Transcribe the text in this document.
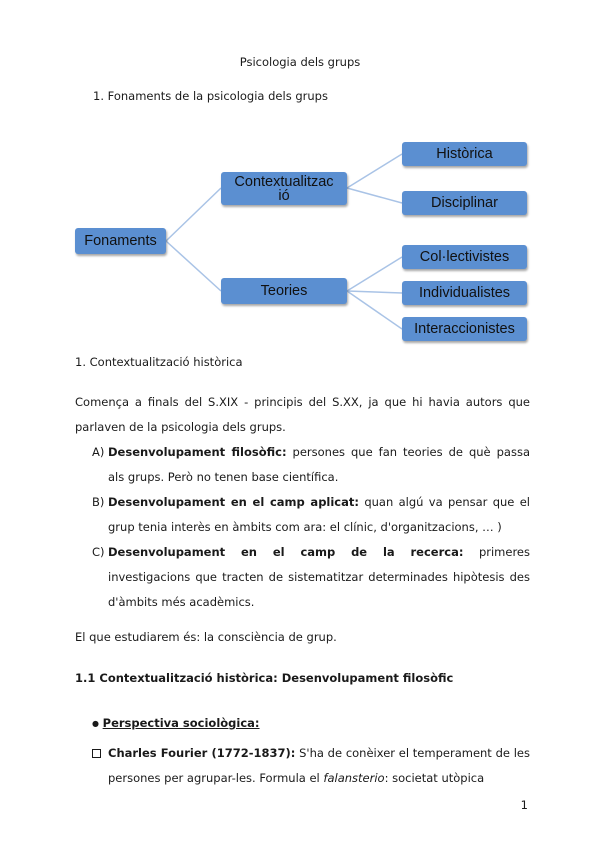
Psicologia dels grups
1. Fonaments de la psicologia dels grups
Fonaments
Contextualitzac
ió
Teories
Històrica
Disciplinar
Col·lectivistes
Individualistes
Interaccionistes
1. Contextualització històrica
Comença a finals del S.XIX - principis del S.XX, ja que hi havia autors que parlaven de la psicologia dels grups.
A) Desenvolupament filosòfic: persones que fan teories de què passa als grups. Però no tenen base científica.
B) Desenvolupament en el camp aplicat: quan algú va pensar que el grup tenia interès en àmbits com ara: el clínic, d'organitzacions, … )
C) Desenvolupament en el camp de la recerca: primeres investigacions que tracten de sistematitzar determinades hipòtesis des d'àmbits més acadèmics.
El que estudiarem és: la consciència de grup.
1.1 Contextualització històrica: Desenvolupament filosòfic
● Perspectiva sociològica:
Charles Fourier (1772-1837): S'ha de conèixer el temperament de les persones per agrupar-les. Formula el falansterio: societat utòpica
1
